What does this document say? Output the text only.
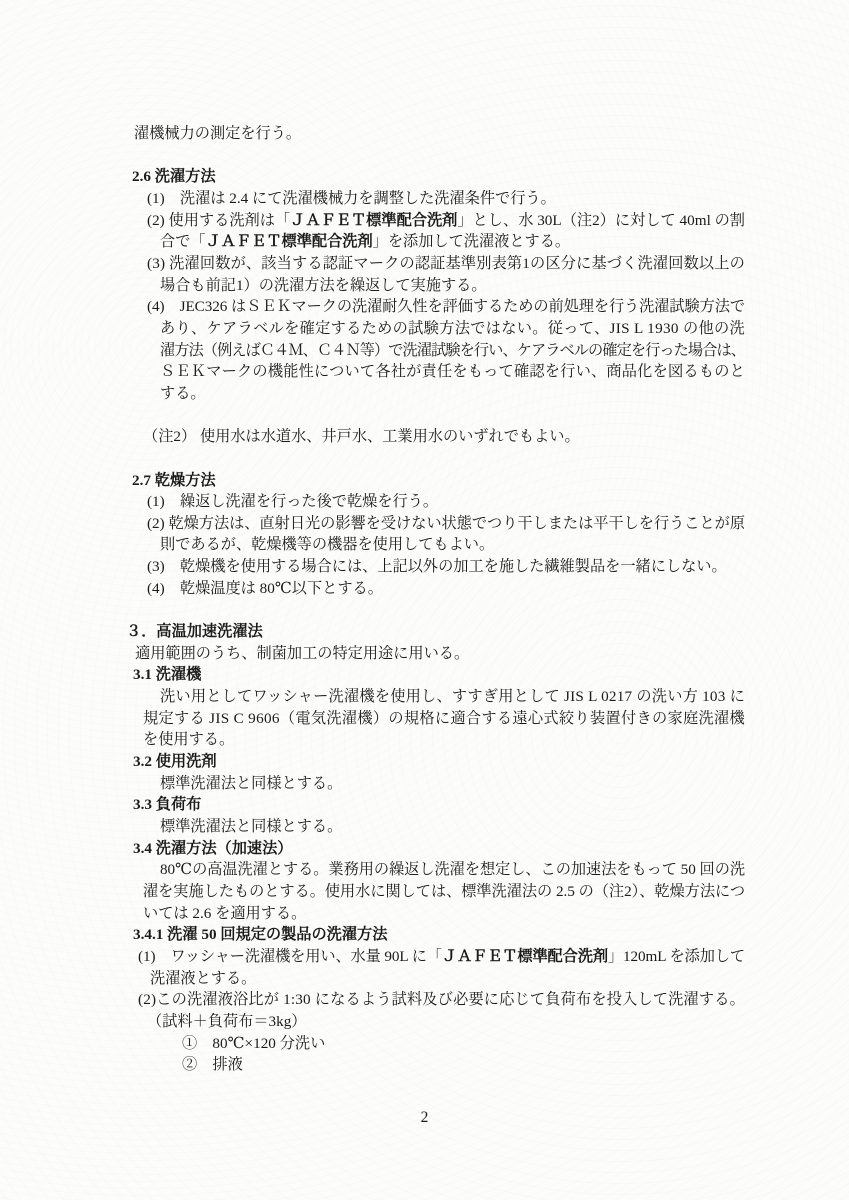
濯機械力の測定を行う。
2.6 洗濯方法
(1)　洗濯は 2.4 にて洗濯機械力を調整した洗濯条件で行う。
(2) 使用する洗剤は「ＪＡＦＥＴ標準配合洗剤」とし、水 30L（注2）に対して 40ml の割
合で「ＪＡＦＥＴ標準配合洗剤」を添加して洗濯液とする。
(3) 洗濯回数が、該当する認証マークの認証基準別表第1の区分に基づく洗濯回数以上の
場合も前記1）の洗濯方法を繰返して実施する。
(4)　JEC326 はＳＥＫマークの洗濯耐久性を評価するための前処理を行う洗濯試験方法で
あり、ケアラベルを確定するための試験方法ではない。従って、JIS L 1930 の他の洗
濯方法（例えばＣ４Ｍ、Ｃ４Ｎ等）で洗濯試験を行い、ケアラベルの確定を行った場合は、
ＳＥＫマークの機能性について各社が責任をもって確認を行い、商品化を図るものと
する。
（注2） 使用水は水道水、井戸水、工業用水のいずれでもよい。
2.7 乾燥方法
(1)　繰返し洗濯を行った後で乾燥を行う。
(2) 乾燥方法は、直射日光の影響を受けない状態でつり干しまたは平干しを行うことが原
則であるが、乾燥機等の機器を使用してもよい。
(3)　乾燥機を使用する場合には、上記以外の加工を施した繊維製品を一緒にしない。
(4)　乾燥温度は 80℃以下とする。
３．高温加速洗濯法
適用範囲のうち、制菌加工の特定用途に用いる。
3.1 洗濯機
洗い用としてワッシャー洗濯機を使用し、すすぎ用として JIS L 0217 の洗い方 103 に
規定する JIS C 9606（電気洗濯機）の規格に適合する遠心式絞り装置付きの家庭洗濯機
を使用する。
3.2 使用洗剤
標準洗濯法と同様とする。
3.3 負荷布
標準洗濯法と同様とする。
3.4 洗濯方法（加速法）
80℃の高温洗濯とする。業務用の繰返し洗濯を想定し、この加速法をもって 50 回の洗
濯を実施したものとする。使用水に関しては、標準洗濯法の 2.5 の（注2）、乾燥方法につ
いては 2.6 を適用する。
3.4.1 洗濯 50 回規定の製品の洗濯方法
(1)　ワッシャー洗濯機を用い、水量 90L に「ＪＡＦＥＴ標準配合洗剤」120mL を添加して
洗濯液とする。
(2)この洗濯液浴比が 1:30 になるよう試料及び必要に応じて負荷布を投入して洗濯する。
（試料＋負荷布＝3kg）
①　80℃×120 分洗い
②　排液
2
